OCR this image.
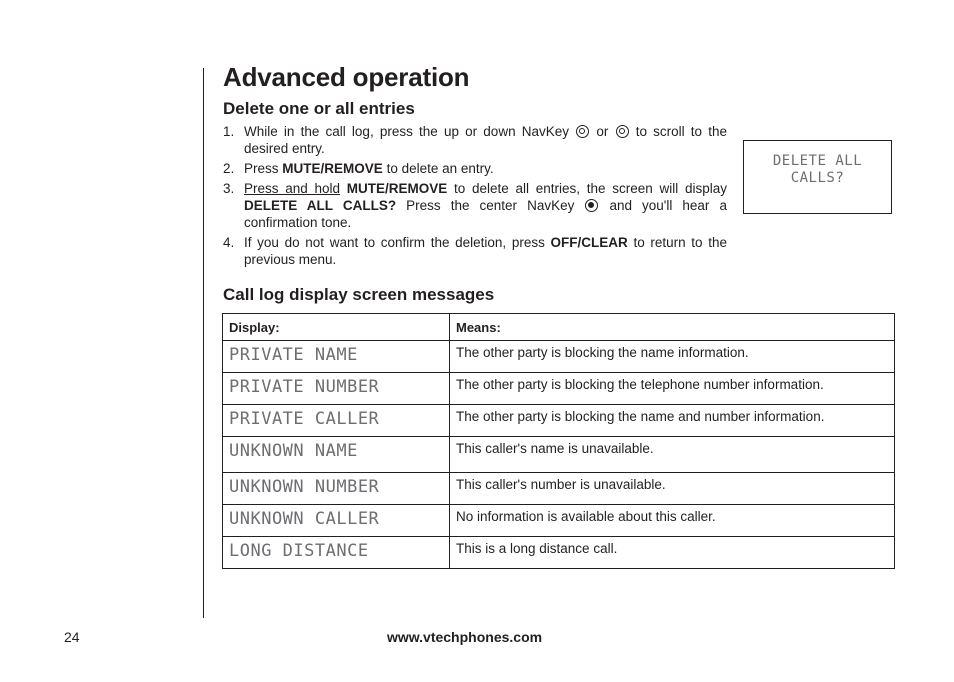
Advanced operation
Delete one or all entries
1. While in the call log, press the up or down NavKey or to scroll to the desired entry.
2. Press MUTE/REMOVE to delete an entry.
3. Press and hold MUTE/REMOVE to delete all entries, the screen will display DELETE ALL CALLS? Press the center NavKey	and you'll hear a confirmation tone.
4. If you do not want to confirm the deletion, press OFF/CLEAR to return to the previous menu.
DELETE ALL
CALLS?
Call log display screen messages
Display:	Means:
PRIVATE NAME	The other party is blocking the name information.
PRIVATE NUMBER	The other party is blocking the telephone number information.
PRIVATE CALLER	The other party is blocking the name and number information.
UNKNOWN NAME	This caller's name is unavailable.
UNKNOWN NUMBER	This caller's number is unavailable.
UNKNOWN CALLER	No information is available about this caller.
LONG DISTANCE	This is a long distance call.
24	www.vtechphones.com
